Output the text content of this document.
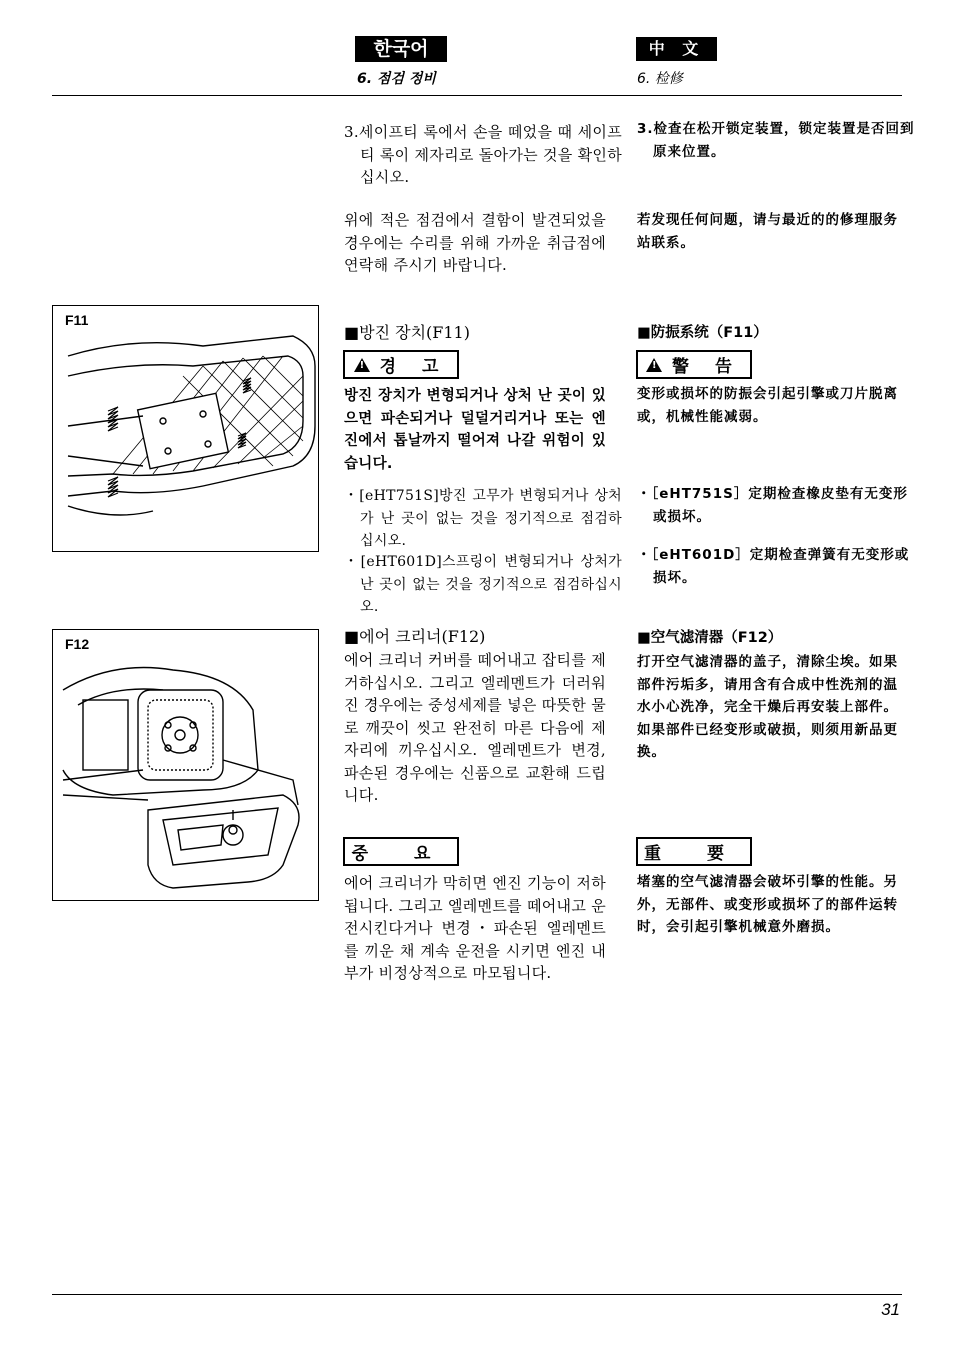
한국어	中 文
6. 점검 정비	6. 检修
3.세이프티 록에서 손을 떼었을 때 세이프티 록이 제자리로 돌아가는 것을 확인하십시오.
위에 적은 점검에서 결함이 발견되었을 경우에는 수리를 위해 가까운 취급점에 연락해 주시기 바랍니다.
3.检查在松开锁定装置，锁定装置是否回到原来位置。
若发现任何问题，请与最近的的修理服务站联系。
F11
■방진 장치(F11)
!
경 고
방진 장치가 변형되거나 상처 난 곳이 있으면 파손되거나 덜덜거리거나 또는 엔진에서 톱날까지 떨어져 나갈 위험이 있습니다.
・[eHT751S]방진 고무가 변형되거나 상처가 난 곳이 없는 것을 정기적으로 점검하십시오.
・[eHT601D]스프링이 변형되거나 상처가 난 곳이 없는 것을 정기적으로 점검하십시오.
■防振系统（F11）
!
警 告
变形或损坏的防振会引起引擎或刀片脱离或，机械性能减弱。
・［eHT751S］定期检查橡皮垫有无变形或损坏。
・［eHT601D］定期检查弹簧有无变形或损坏。
F12	■에어 크리너(F12)
에어 크리너 커버를 떼어내고 잡티를 제거하십시오. 그리고 엘레멘트가 더러워진 경우에는 중성세제를 넣은 따뜻한 물로 깨끗이 씻고 완전히 마른 다음에 제자리에 끼우십시오. 엘레멘트가 변경, 파손된 경우에는 신품으로 교환해 드립니다.
중 요
에어 크리너가 막히면 엔진 기능이 저하됩니다. 그리고 엘레멘트를 떼어내고 운전시킨다거나 변경・파손된 엘레멘트를 끼운 채 계속 운전을 시키면 엔진 내부가 비정상적으로 마모됩니다.
■空气滤清器（F12）
打开空气滤清器的盖子，清除尘埃。如果部件污垢多，请用含有合成中性洗剂的温水小心洗净，完全干燥后再安装上部件。如果部件已经变形或破损，则须用新品更换。
重 要
堵塞的空气滤清器会破坏引擎的性能。另外，无部件、或变形或损坏了的部件运转时，会引起引擎机械意外磨损。
31
